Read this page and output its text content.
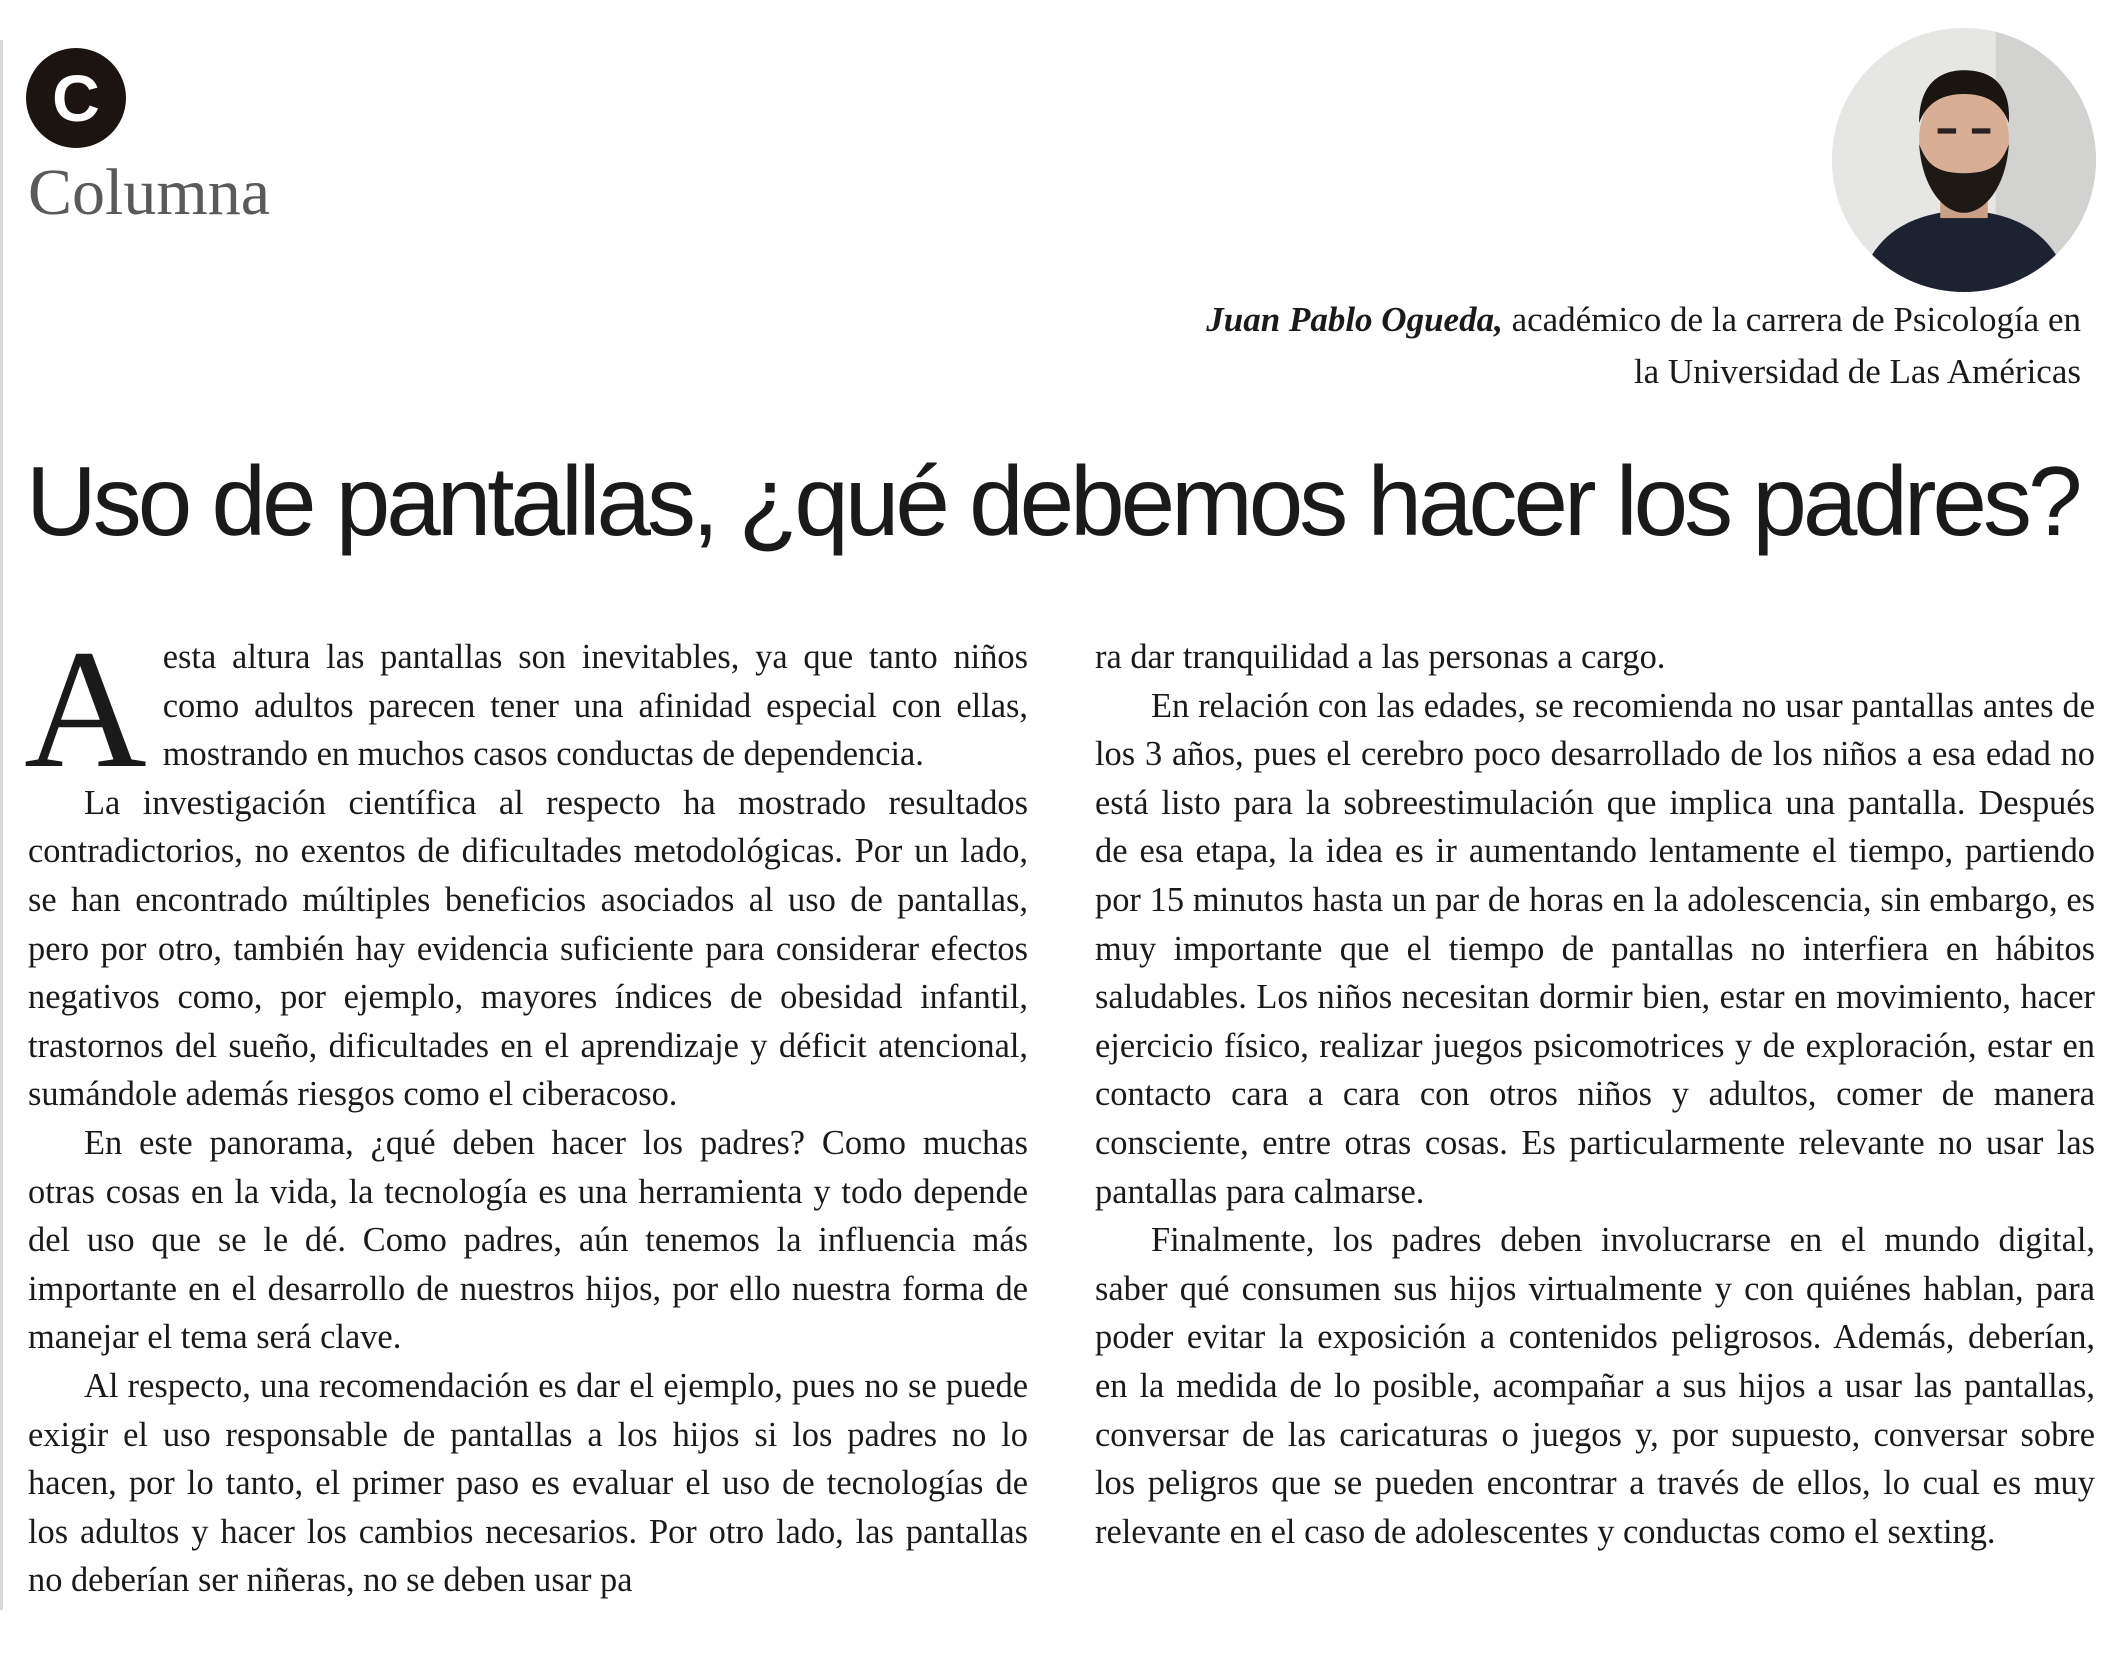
C
Columna
Juan Pablo Ogueda, académico de la carrera de Psicología en la Universidad de Las Américas
Uso de pantallas, ¿qué debemos hacer los padres?

A esta altura las pantallas son inevitables, ya que tanto niños como adultos parecen tener una afinidad especial con ellas, mostrando en muchos casos conductas de dependencia.

La investigación científica al respecto ha mostrado resultados contradictorios, no exentos de dificultades metodológicas. Por un lado, se han encontrado múltiples beneficios asociados al uso de pantallas, pero por otro, también hay evidencia suficiente para considerar efectos negativos como, por ejemplo, mayores índices de obesidad infantil, trastornos del sueño, dificultades en el aprendizaje y déficit atencional, sumándole además riesgos como el ciberacoso.

En este panorama, ¿qué deben hacer los padres? Como muchas otras cosas en la vida, la tecnología es una herramienta y todo depende del uso que se le dé. Como padres, aún tenemos la influencia más importante en el desarrollo de nuestros hijos, por ello nuestra forma de manejar el tema será clave.

Al respecto, una recomendación es dar el ejemplo, pues no se puede exigir el uso responsable de pantallas a los hijos si los padres no lo hacen, por lo tanto, el primer paso es evaluar el uso de tecnologías de los adultos y hacer los cambios necesarios. Por otro lado, las pantallas no deberían ser niñeras, no se deben usar pa

ra dar tranquilidad a las personas a cargo.

En relación con las edades, se recomienda no usar pantallas antes de los 3 años, pues el cerebro poco desarrollado de los niños a esa edad no está listo para la sobreestimulación que implica una pantalla. Después de esa etapa, la idea es ir aumentando lentamente el tiempo, partiendo por 15 minutos hasta un par de horas en la adolescencia, sin embargo, es muy importante que el tiempo de pantallas no interfiera en hábitos saludables. Los niños necesitan dormir bien, estar en movimiento, hacer ejercicio físico, realizar juegos psicomotrices y de exploración, estar en contacto cara a cara con otros niños y adultos, comer de manera consciente, entre otras cosas. Es particularmente relevante no usar las pantallas para calmarse.

Finalmente, los padres deben involucrarse en el mundo digital, saber qué consumen sus hijos virtualmente y con quiénes hablan, para poder evitar la exposición a contenidos peligrosos. Además, deberían, en la medida de lo posible, acompañar a sus hijos a usar las pantallas, conversar de las caricaturas o juegos y, por supuesto, conversar sobre los peligros que se pueden encontrar a través de ellos, lo cual es muy relevante en el caso de adolescentes y conductas como el sexting.
